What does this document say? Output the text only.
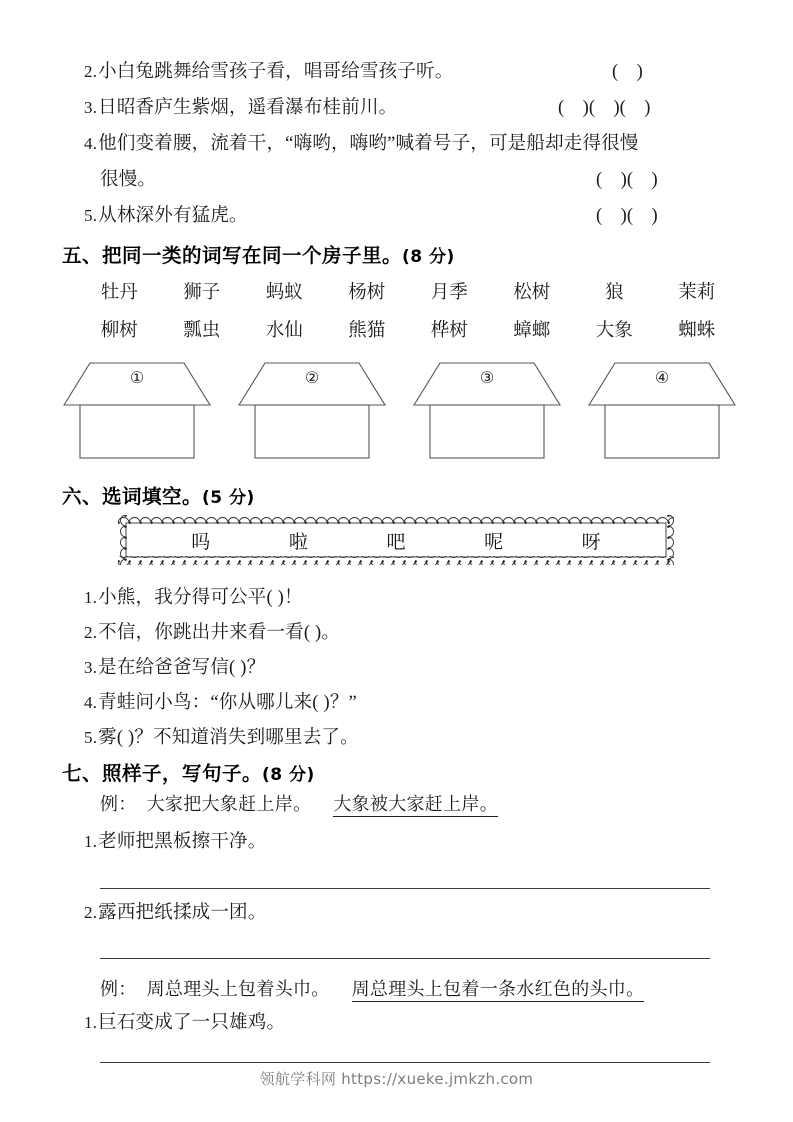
2.小白兔跳舞给雪孩子看，唱哥给雪孩子听。	(    )
3.日昭香庐生紫烟，遥看瀑布桂前川。	(    )(    )(    )
4.他们变着腰，流着干，“嗨哟，嗨哟”喊着号子，可是船却走得很慢
很慢。	(    )(    )
5.从林深外有猛虎。	(    )(    )
五、把同一类的词写在同一个房子里。(8 分)
牡丹	狮子	蚂蚁	杨树	月季	松树	狼	茉莉
柳树	瓢虫	水仙	熊猫	桦树	蟑螂	大象	蜘蛛
①	②	③	④
六、选词填空。(5 分)
吗	啦	吧	呢	呀
1.小熊，我分得可公平( )！
2.不信，你跳出井来看一看( )。
3.是在给爸爸写信( )？
4.青蛙问小鸟：“你从哪儿来( )？”
5.雾( )？不知道消失到哪里去了。
七、照样子，写句子。(8 分)
例： 大家把大象赶上岸。 大象被大家赶上岸。
1.老师把黑板擦干净。
2.露西把纸揉成一团。
例： 周总理头上包着头巾。 周总理头上包着一条水红色的头巾。
1.巨石变成了一只雄鸡。
领航学科网 https://xueke.jmkzh.com
